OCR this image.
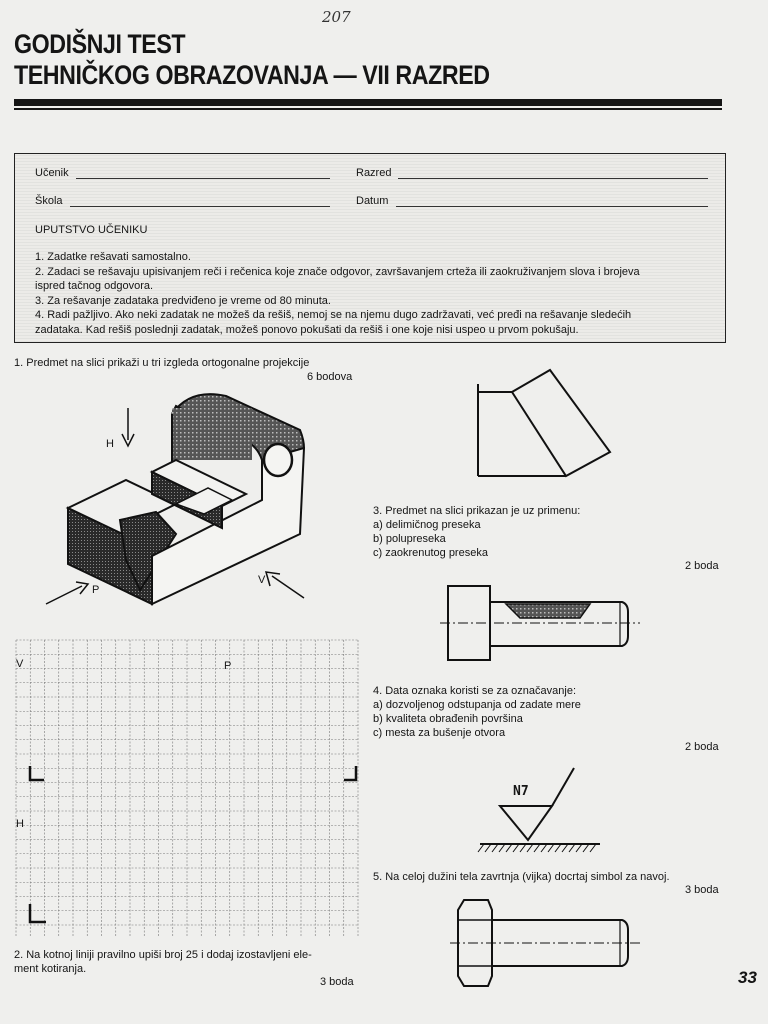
207
GODIŠNJI TEST
TEHNIČKOG OBRAZOVANJA — VII RAZRED
Učenik	Razred
Škola	Datum
UPUTSTVO UČENIKU
1. Zadatke rešavati samostalno.
2. Zadaci se rešavaju upisivanjem reči i rečenica koje znače odgovor, završavanjem crteža ili zaokruživanjem slova i brojeva
ispred tačnog odgovora.
3. Za rešavanje zadataka predviđeno je vreme od 80 minuta.
4. Radi pažljivo. Ako neki zadatak ne možeš da rešiš, nemoj se na njemu dugo zadržavati, već pređi na rešavanje sledećih
zadataka. Kad rešiš poslednji zadatak, možeš ponovo pokušati da rešiš i one koje nisi uspeo u prvom pokušaju.
1. Predmet na slici prikaži u tri izgleda ortogonalne projekcije
6 bodova
H
P
V
V	P
H
2. Na kotnoj liniji pravilno upiši broj 25 i dodaj izostavljeni ele-
ment kotiranja.
3 boda
3. Predmet na slici prikazan je uz primenu:
a) delimičnog preseka
b) polupreseka
c) zaokrenutog preseka
2 boda
4. Data oznaka koristi se za označavanje:
a) dozvoljenog odstupanja od zadate mere
b) kvaliteta obrađenih površina
c) mesta za bušenje otvora
2 boda
N7
5. Na celoj dužini tela zavrtnja (vijka) docrtaj simbol za navoj.
3 boda
33
